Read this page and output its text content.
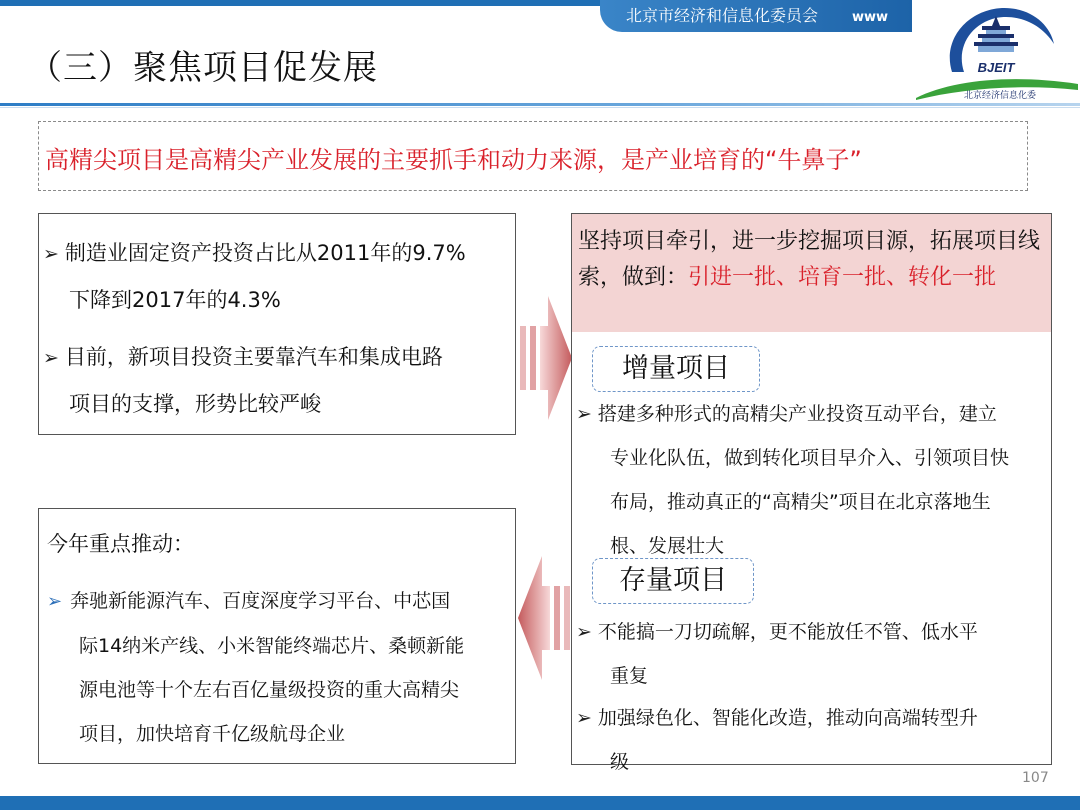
北京市经济和信息化委员会	www
BJEIT
北京经济信息化委
（三）聚焦项目促发展
高精尖项目是高精尖产业发展的主要抓手和动力来源，是产业培育的“牛鼻子”
➢ 制造业固定资产投资占比从2011年的9.7%
下降到2017年的4.3%
➢ 目前，新项目投资主要靠汽车和集成电路
项目的支撑，形势比较严峻
今年重点推动：
➢ 奔驰新能源汽车、百度深度学习平台、中芯国
际14纳米产线、小米智能终端芯片、桑顿新能
源电池等十个左右百亿量级投资的重大高精尖
项目，加快培育千亿级航母企业
坚持项目牵引，进一步挖掘项目源，拓展项目线索，做到：引进一批、培育一批、转化一批
增量项目
➢ 搭建多种形式的高精尖产业投资互动平台，建立
专业化队伍，做到转化项目早介入、引领项目快
布局，推动真正的“高精尖”项目在北京落地生
根、发展壮大
存量项目
➢ 不能搞一刀切疏解，更不能放任不管、低水平
重复
➢ 加强绿色化、智能化改造，推动向高端转型升
级
107
